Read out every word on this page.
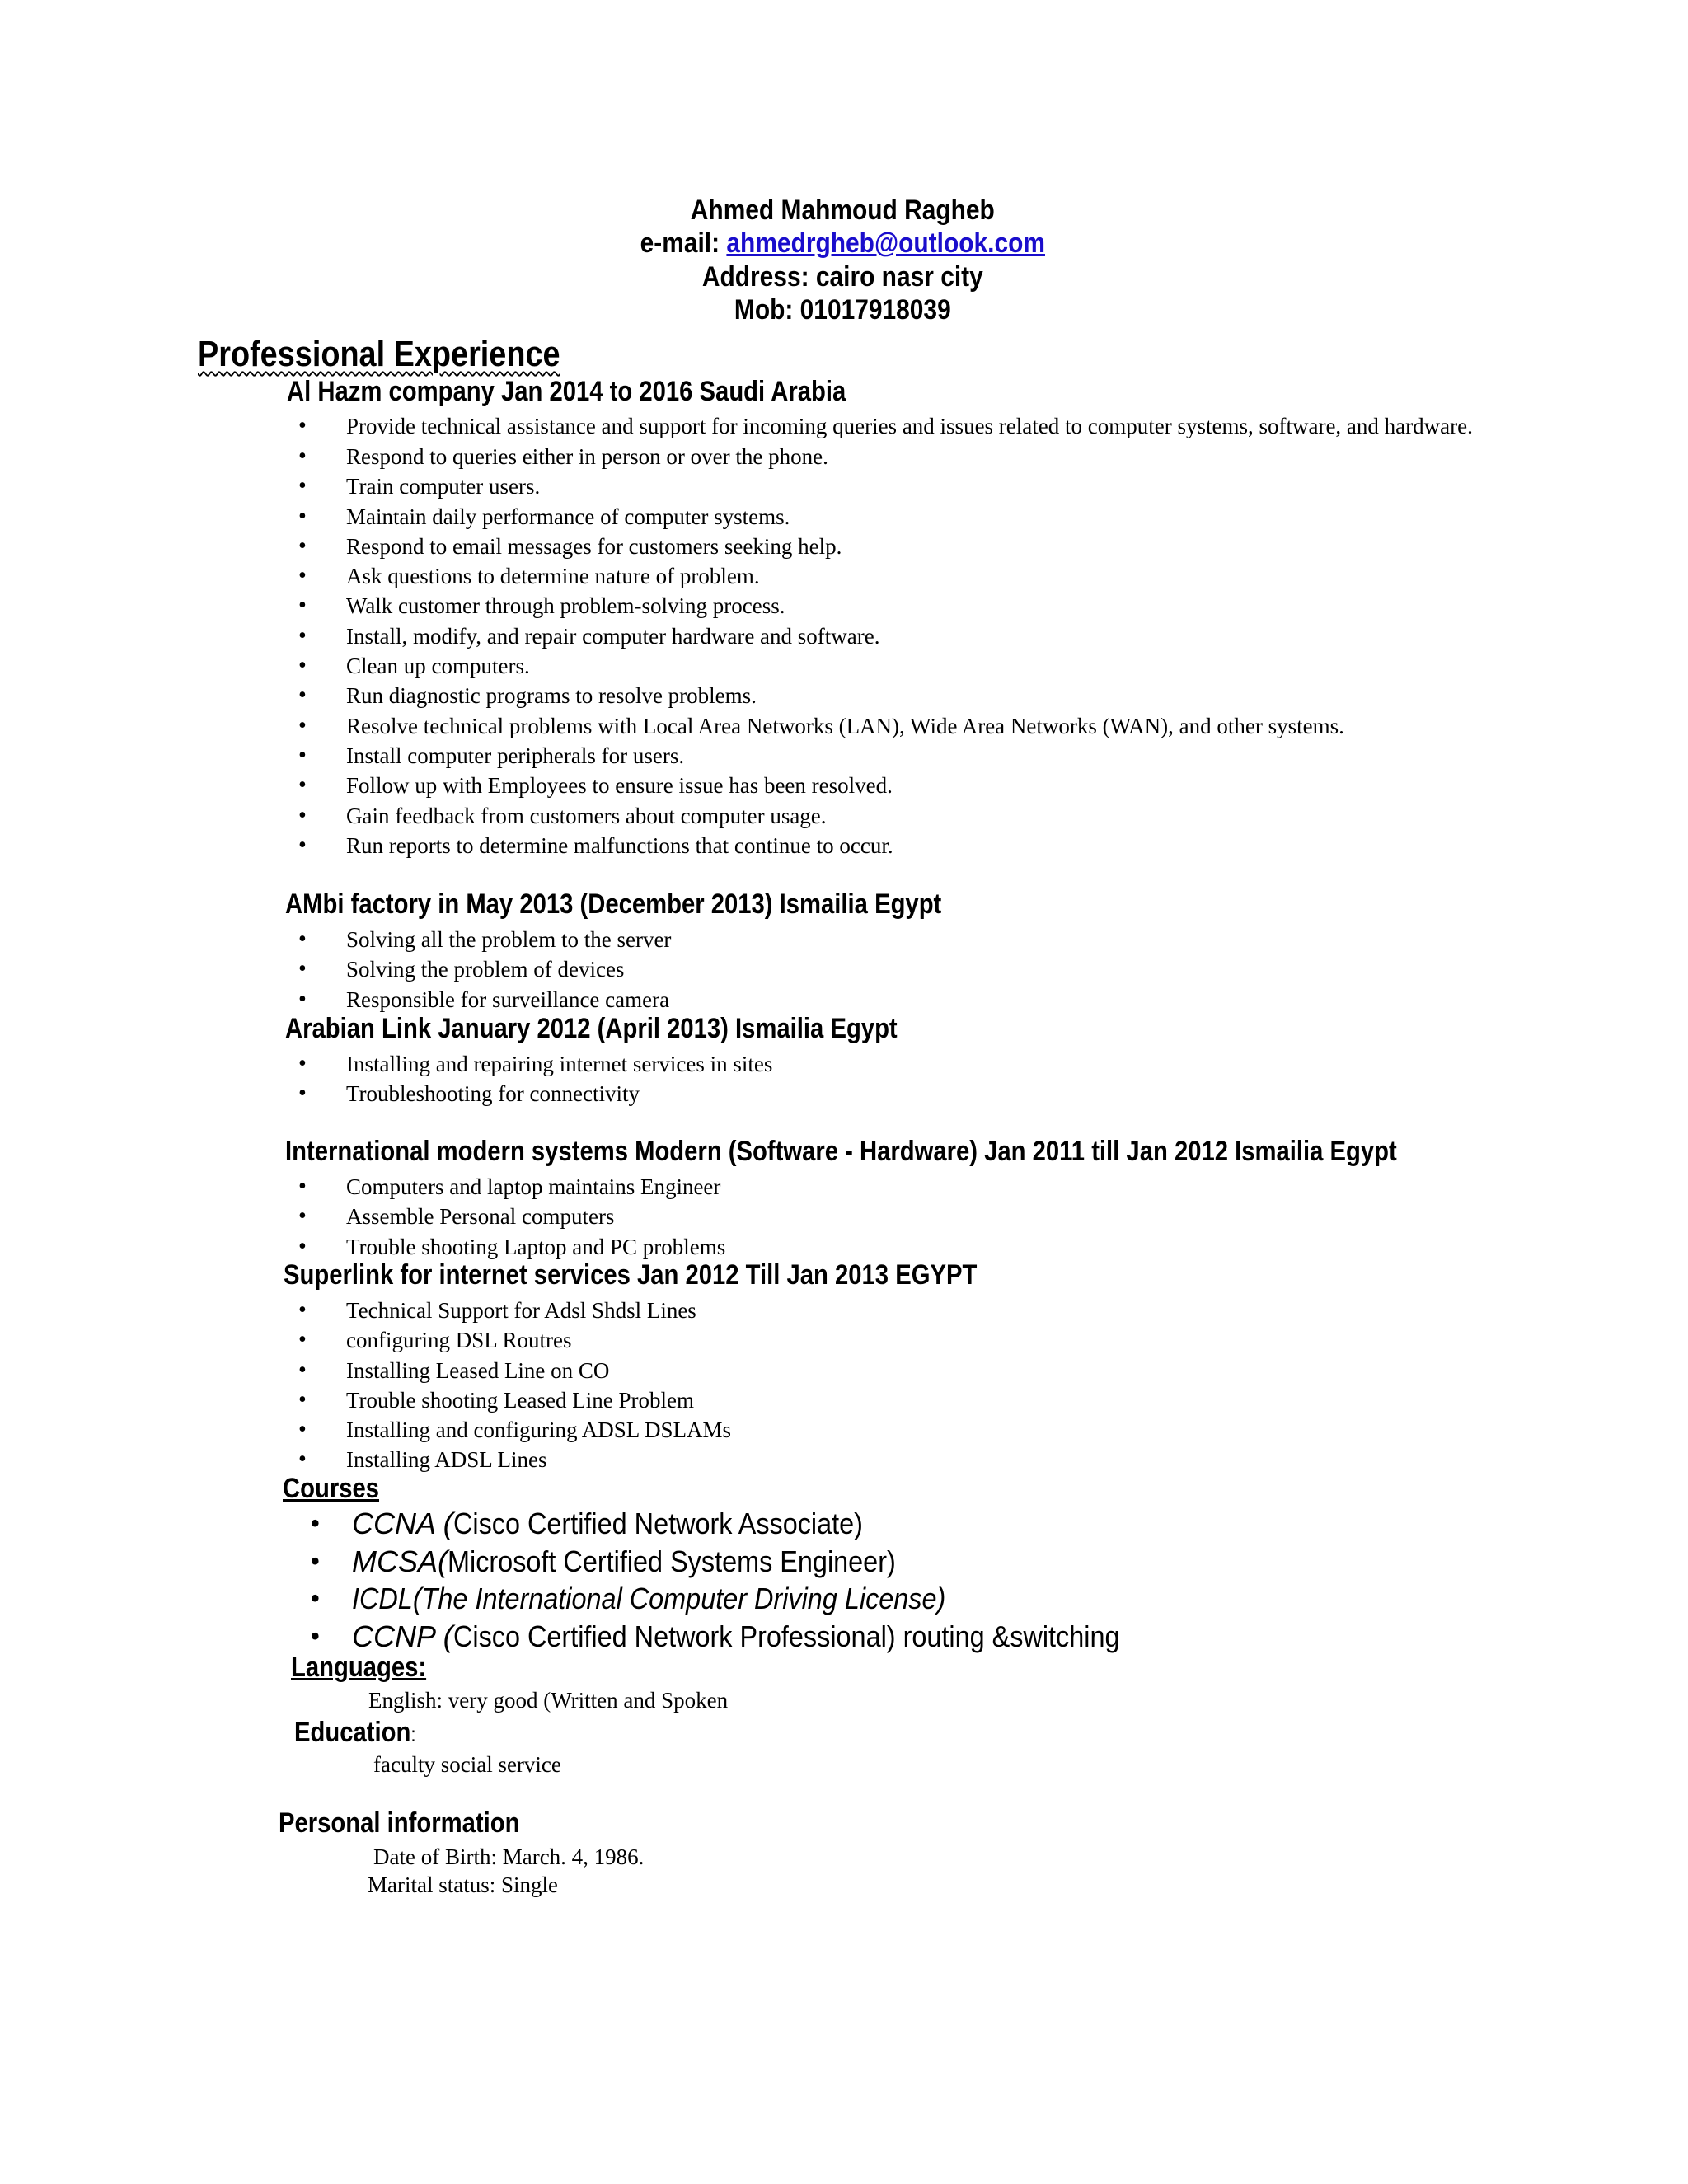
Ahmed Mahmoud Ragheb
e-mail: ahmedrgheb@outlook.com
Address: cairo nasr city
Mob: 01017918039
Professional Experience
Al Hazm company Jan 2014 to 2016 Saudi Arabia
• Provide technical assistance and support for incoming queries and issues related to computer systems, software, and hardware.
• Respond to queries either in person or over the phone.
• Train computer users.
• Maintain daily performance of computer systems.
• Respond to email messages for customers seeking help.
• Ask questions to determine nature of problem.
• Walk customer through problem-solving process.
• Install, modify, and repair computer hardware and software.
• Clean up computers.
• Run diagnostic programs to resolve problems.
• Resolve technical problems with Local Area Networks (LAN), Wide Area Networks (WAN), and other systems.
• Install computer peripherals for users.
• Follow up with Employees to ensure issue has been resolved.
• Gain feedback from customers about computer usage.
• Run reports to determine malfunctions that continue to occur.
AMbi factory in May 2013 (December 2013) Ismailia Egypt
• Solving all the problem to the server
• Solving the problem of devices
• Responsible for surveillance camera
Arabian Link January 2012 (April 2013) Ismailia Egypt
• Installing and repairing internet services in sites
• Troubleshooting for connectivity
International modern systems Modern (Software - Hardware) Jan 2011 till Jan 2012 Ismailia Egypt
• Computers and laptop maintains Engineer
• Assemble Personal computers
• Trouble shooting Laptop and PC problems
Superlink for internet services Jan 2012 Till Jan 2013 EGYPT
• Technical Support for Adsl Shdsl Lines
• configuring DSL Routres
• Installing Leased Line on CO
• Trouble shooting Leased Line Problem
• Installing and configuring ADSL DSLAMs
• Installing ADSL Lines
Courses
• CCNA (Cisco Certified Network Associate)
• MCSA(Microsoft Certified Systems Engineer)
• ICDL(The International Computer Driving License)
• CCNP (Cisco Certified Network Professional) routing &switching
Languages:
English: very good (Written and Spoken
Education:
faculty social service
Personal information
Date of Birth: March. 4, 1986.
Marital status: Single
